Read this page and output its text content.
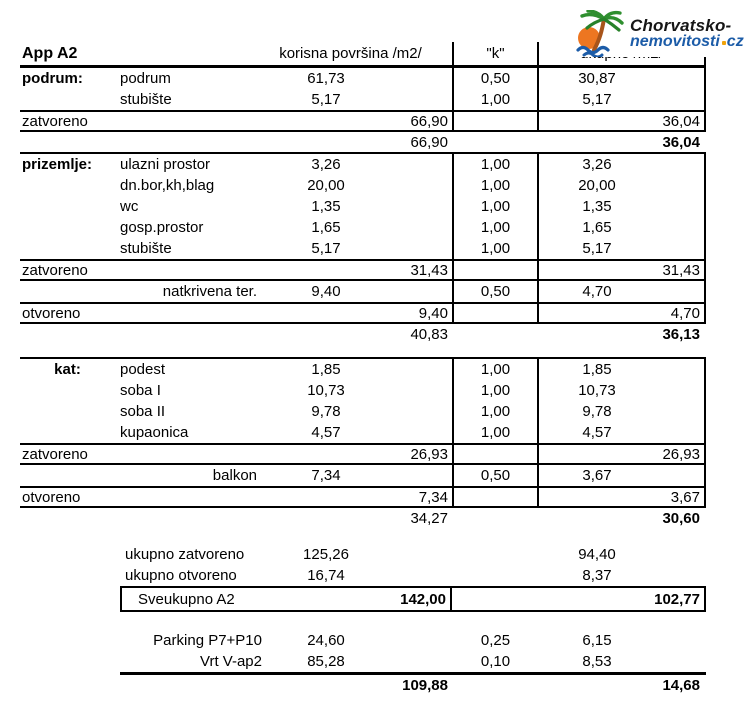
App A2	korisna površina /m2/	"k"
podrum:	podrum	61,73	0,50	30,87
stubište	5,17	1,00	5,17
zatvoreno	66,90	36,04
66,90	36,04
prizemlje:	ulazni prostor	3,26	1,00	3,26
dn.bor,kh,blag	20,00	1,00	20,00
wc	1,35	1,00	1,35
gosp.prostor	1,65	1,00	1,65
stubište	5,17	1,00	5,17
zatvoreno	31,43	31,43
natkrivena ter.	9,40	0,50	4,70
otvoreno	9,40	4,70
40,83	36,13
kat:	podest	1,85	1,00	1,85
soba I	10,73	1,00	10,73
soba II	9,78	1,00	9,78
kupaonica	4,57	1,00	4,57
zatvoreno	26,93	26,93
balkon	7,34	0,50	3,67
otvoreno	7,34	3,67
34,27	30,60
ukupno zatvoreno	125,26	94,40
ukupno otvoreno	16,74	8,37
Sveukupno A2	142,00	102,77
Parking P7+P10	24,60	0,25	6,15
Vrt V-ap2	85,28	0,10	8,53
109,88	14,68
Chorvatsko-
nemovitosti cz
